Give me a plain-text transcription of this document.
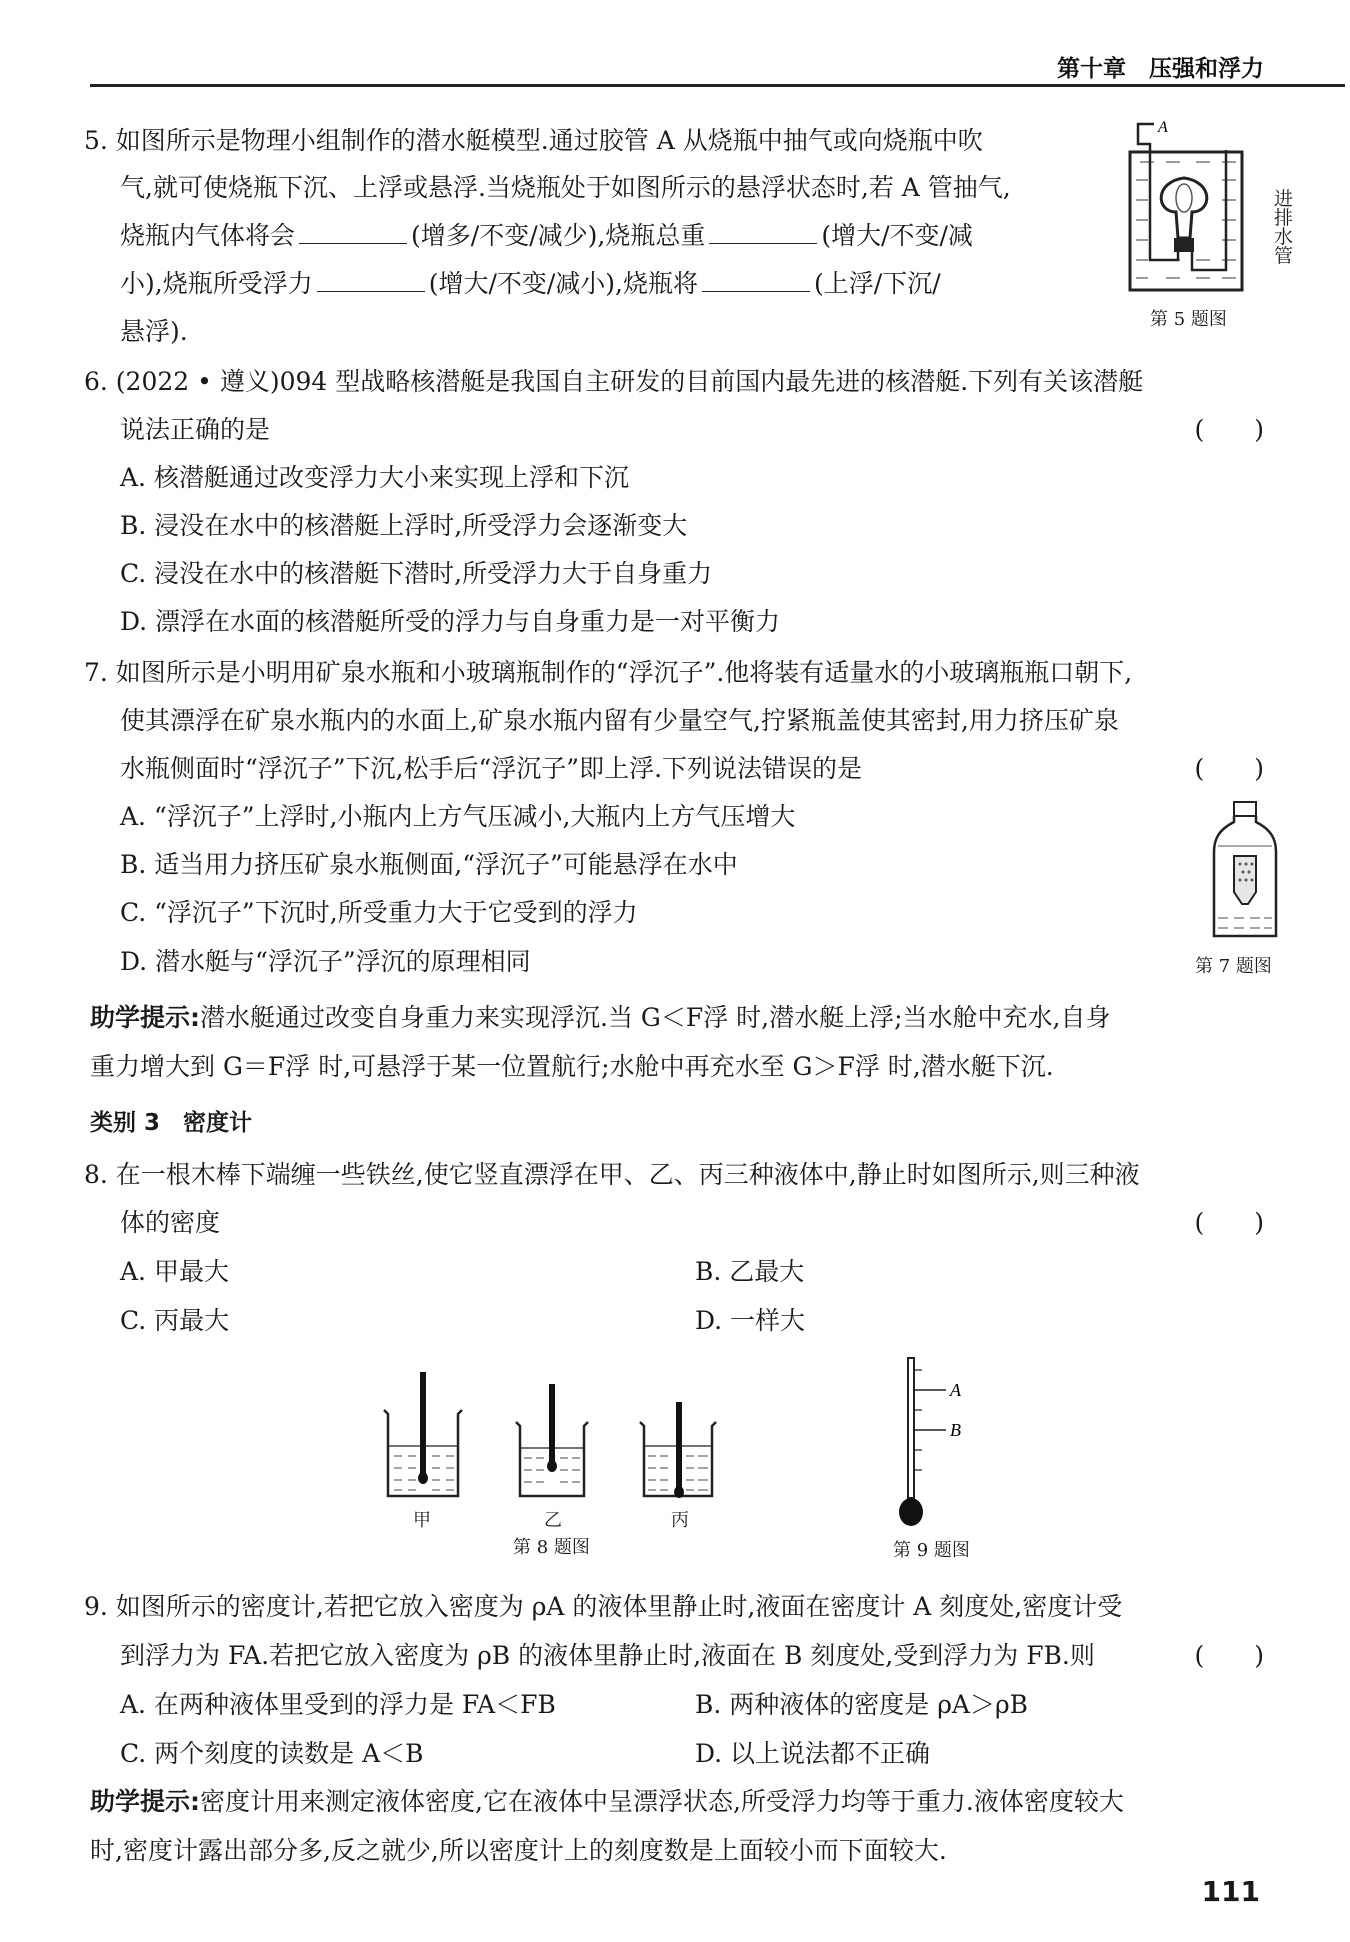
第十章　压强和浮力
5. 如图所示是物理小组制作的潜水艇模型.通过胶管 A 从烧瓶中抽气或向烧瓶中吹
气,就可使烧瓶下沉、上浮或悬浮.当烧瓶处于如图所示的悬浮状态时,若 A 管抽气,
烧瓶内气体将会	(增多/不变/减少),烧瓶总重	(增大/不变/减
小),烧瓶所受浮力	(增大/不变/减小),烧瓶将	(上浮/下沉/
悬浮).
A
进
排
水
管
第 5 题图
6. (2022 • 遵义)094 型战略核潜艇是我国自主研发的目前国内最先进的核潜艇.下列有关该潜艇
说法正确的是	(　　)
A. 核潜艇通过改变浮力大小来实现上浮和下沉
B. 浸没在水中的核潜艇上浮时,所受浮力会逐渐变大
C. 浸没在水中的核潜艇下潜时,所受浮力大于自身重力
D. 漂浮在水面的核潜艇所受的浮力与自身重力是一对平衡力
7. 如图所示是小明用矿泉水瓶和小玻璃瓶制作的“浮沉子”.他将装有适量水的小玻璃瓶瓶口朝下,
使其漂浮在矿泉水瓶内的水面上,矿泉水瓶内留有少量空气,拧紧瓶盖使其密封,用力挤压矿泉
水瓶侧面时“浮沉子”下沉,松手后“浮沉子”即上浮.下列说法错误的是	(　　)
A. “浮沉子”上浮时,小瓶内上方气压减小,大瓶内上方气压增大
B. 适当用力挤压矿泉水瓶侧面,“浮沉子”可能悬浮在水中
C. “浮沉子”下沉时,所受重力大于它受到的浮力
D. 潜水艇与“浮沉子”浮沉的原理相同	第 7 题图
助学提示:潜水艇通过改变自身重力来实现浮沉.当 G＜F浮 时,潜水艇上浮;当水舱中充水,自身
重力增大到 G＝F浮 时,可悬浮于某一位置航行;水舱中再充水至 G＞F浮 时,潜水艇下沉.
类别 3　密度计
8. 在一根木棒下端缠一些铁丝,使它竖直漂浮在甲、乙、丙三种液体中,静止时如图所示,则三种液
体的密度	(　　)
A. 甲最大	B. 乙最大
C. 丙最大	D. 一样大
甲	乙	丙
第 8 题图
A
B
第 9 题图
9. 如图所示的密度计,若把它放入密度为 ρA 的液体里静止时,液面在密度计 A 刻度处,密度计受
到浮力为 FA.若把它放入密度为 ρB 的液体里静止时,液面在 B 刻度处,受到浮力为 FB.则	(　　)
A. 在两种液体里受到的浮力是 FA＜FB	B. 两种液体的密度是 ρA＞ρB
C. 两个刻度的读数是 A＜B	D. 以上说法都不正确
助学提示:密度计用来测定液体密度,它在液体中呈漂浮状态,所受浮力均等于重力.液体密度较大
时,密度计露出部分多,反之就少,所以密度计上的刻度数是上面较小而下面较大.
111
